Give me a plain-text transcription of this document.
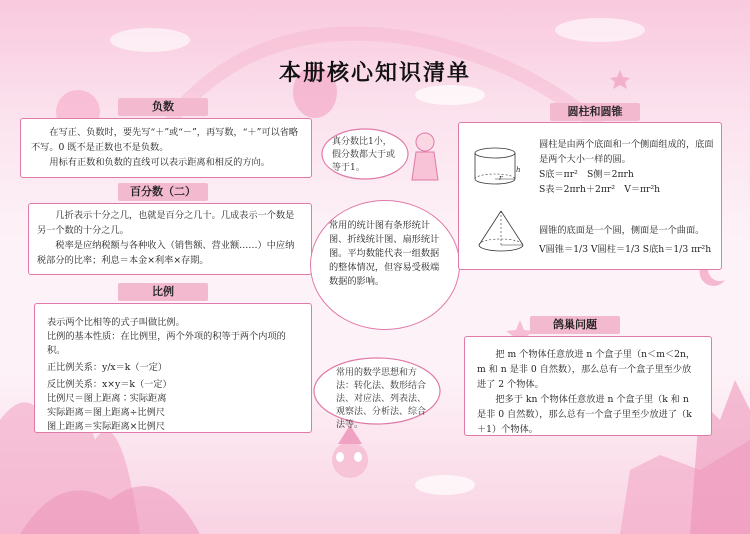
本册核心知识清单
负数

在写正、负数时，要先写“＋”或“－”，再写数，“＋”可以省略不写。0 既不是正数也不是负数。

用标有正数和负数的直线可以表示距离和相反的方向。

百分数（二）

几折表示十分之几，也就是百分之几十。几成表示一个数是另一个数的十分之几。

税率是应纳税额与各种收入（销售额、营业额……）中应纳税部分的比率；利息＝本金×利率×存期。

比例

表示两个比相等的式子叫做比例。

比例的基本性质：在比例里，两个外项的积等于两个内项的积。

正比例关系：y/x＝k（一定）

反比例关系：x×y＝k（一定）

比例尺＝图上距离∶实际距离

实际距离＝图上距离÷比例尺

图上距离＝实际距离×比例尺

真分数比1小，假分数都大于或等于1。
常用的统计图有条形统计图、折线统计图、扇形统计图。平均数能代表一组数据的整体情况，但容易受极端数据的影响。
常用的数学思想和方法：转化法、数形结合法、对应法、列表法、观察法、分析法、综合法等。
圆柱和圆锥
h
r

圆柱是由两个底面和一个侧面组成的，底面是两个大小一样的圆。

S底＝πr²　S侧＝2πrh

S表＝2πrh＋2πr²　V＝πr²h

圆锥的底面是一个圆，侧面是一个曲面。

V圆锥＝1/3 V圆柱＝1/3 S底h＝1/3 πr²h

鸽巢问题

把 m 个物体任意放进 n 个盒子里（n＜m＜2n，m 和 n 是非 0 自然数），那么总有一个盒子里至少放进了 2 个物体。

把多于 kn 个物体任意放进 n 个盒子里（k 和 n 是非 0 自然数），那么总有一个盒子里至少放进了（k＋1）个物体。
